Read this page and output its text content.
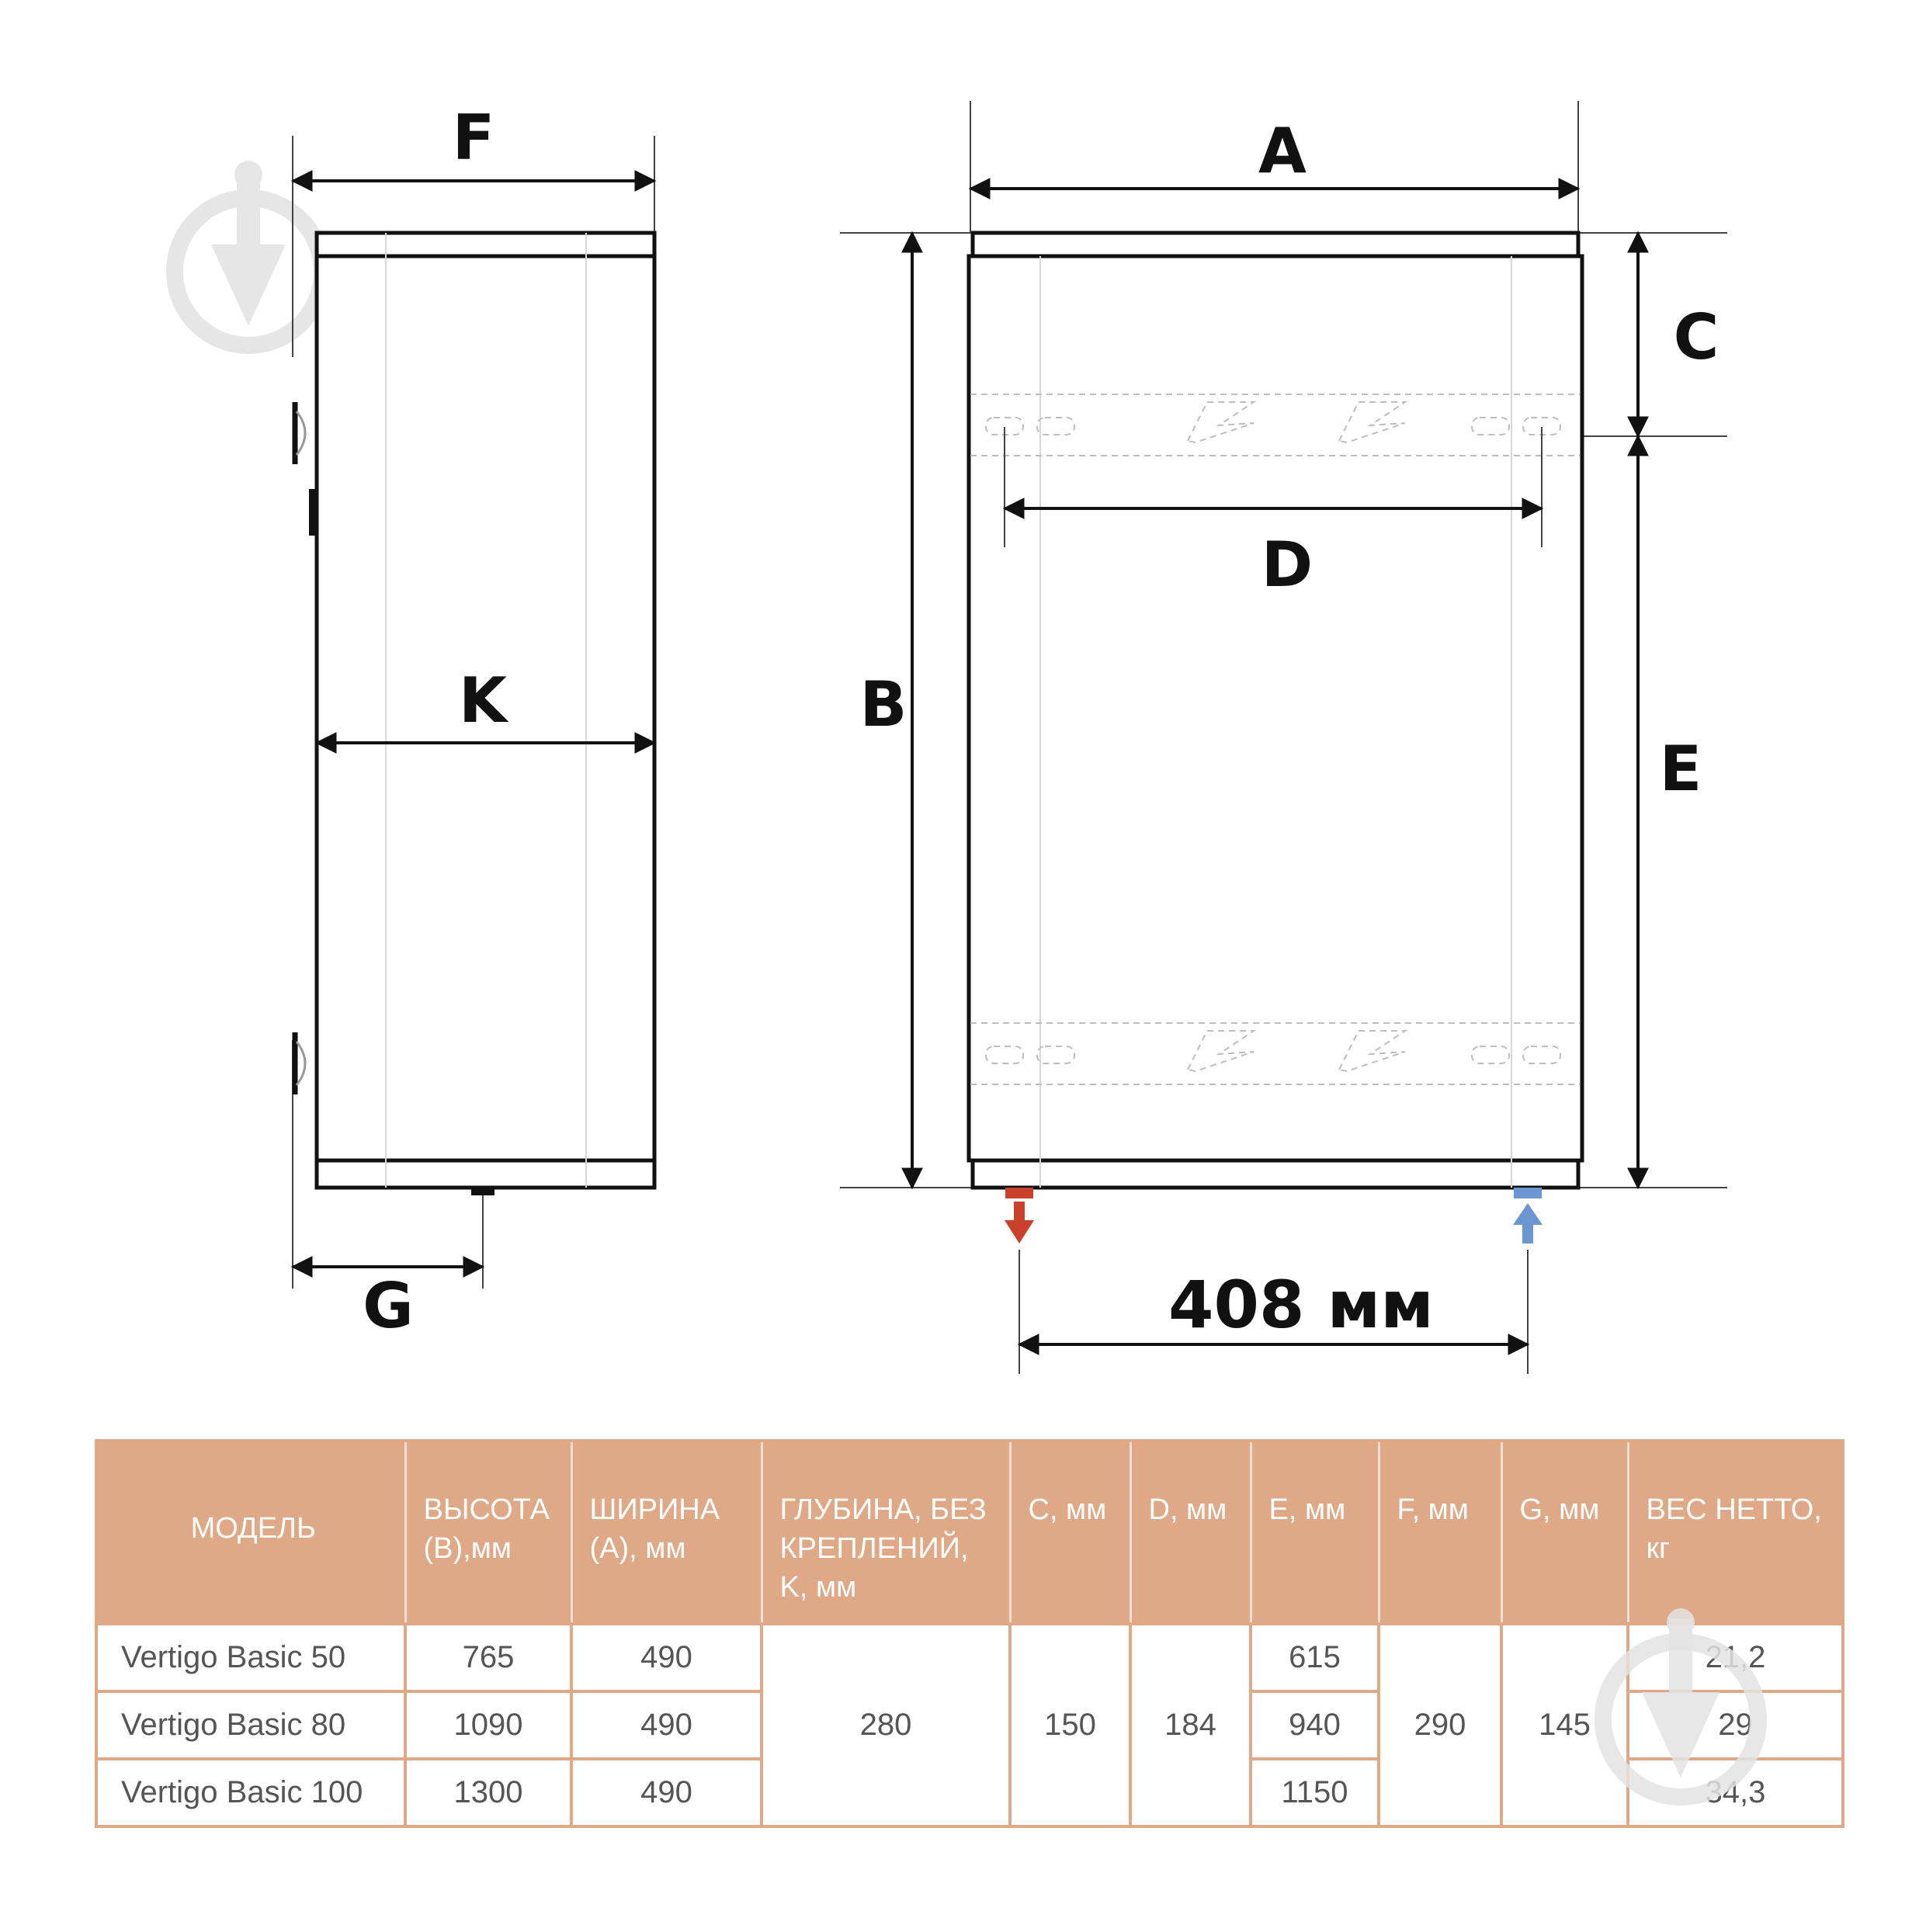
F
K
G
A
B
C
D
E
408 мм
МОДЕЛЬ	ВЫСОТА (B),мм	ШИРИНА (А), мм	ГЛУБИНА, БЕЗ КРЕПЛЕНИЙ, K, мм	C, мм	D, мм	E, мм	F, мм	G, мм	ВЕС НЕТТО, кг
Vertigo Basic 50	765	490	280	150	184	615	290	145	21,2
Vertigo Basic 80	1090	490				940			29
Vertigo Basic 100	1300	490				1150			34,3
